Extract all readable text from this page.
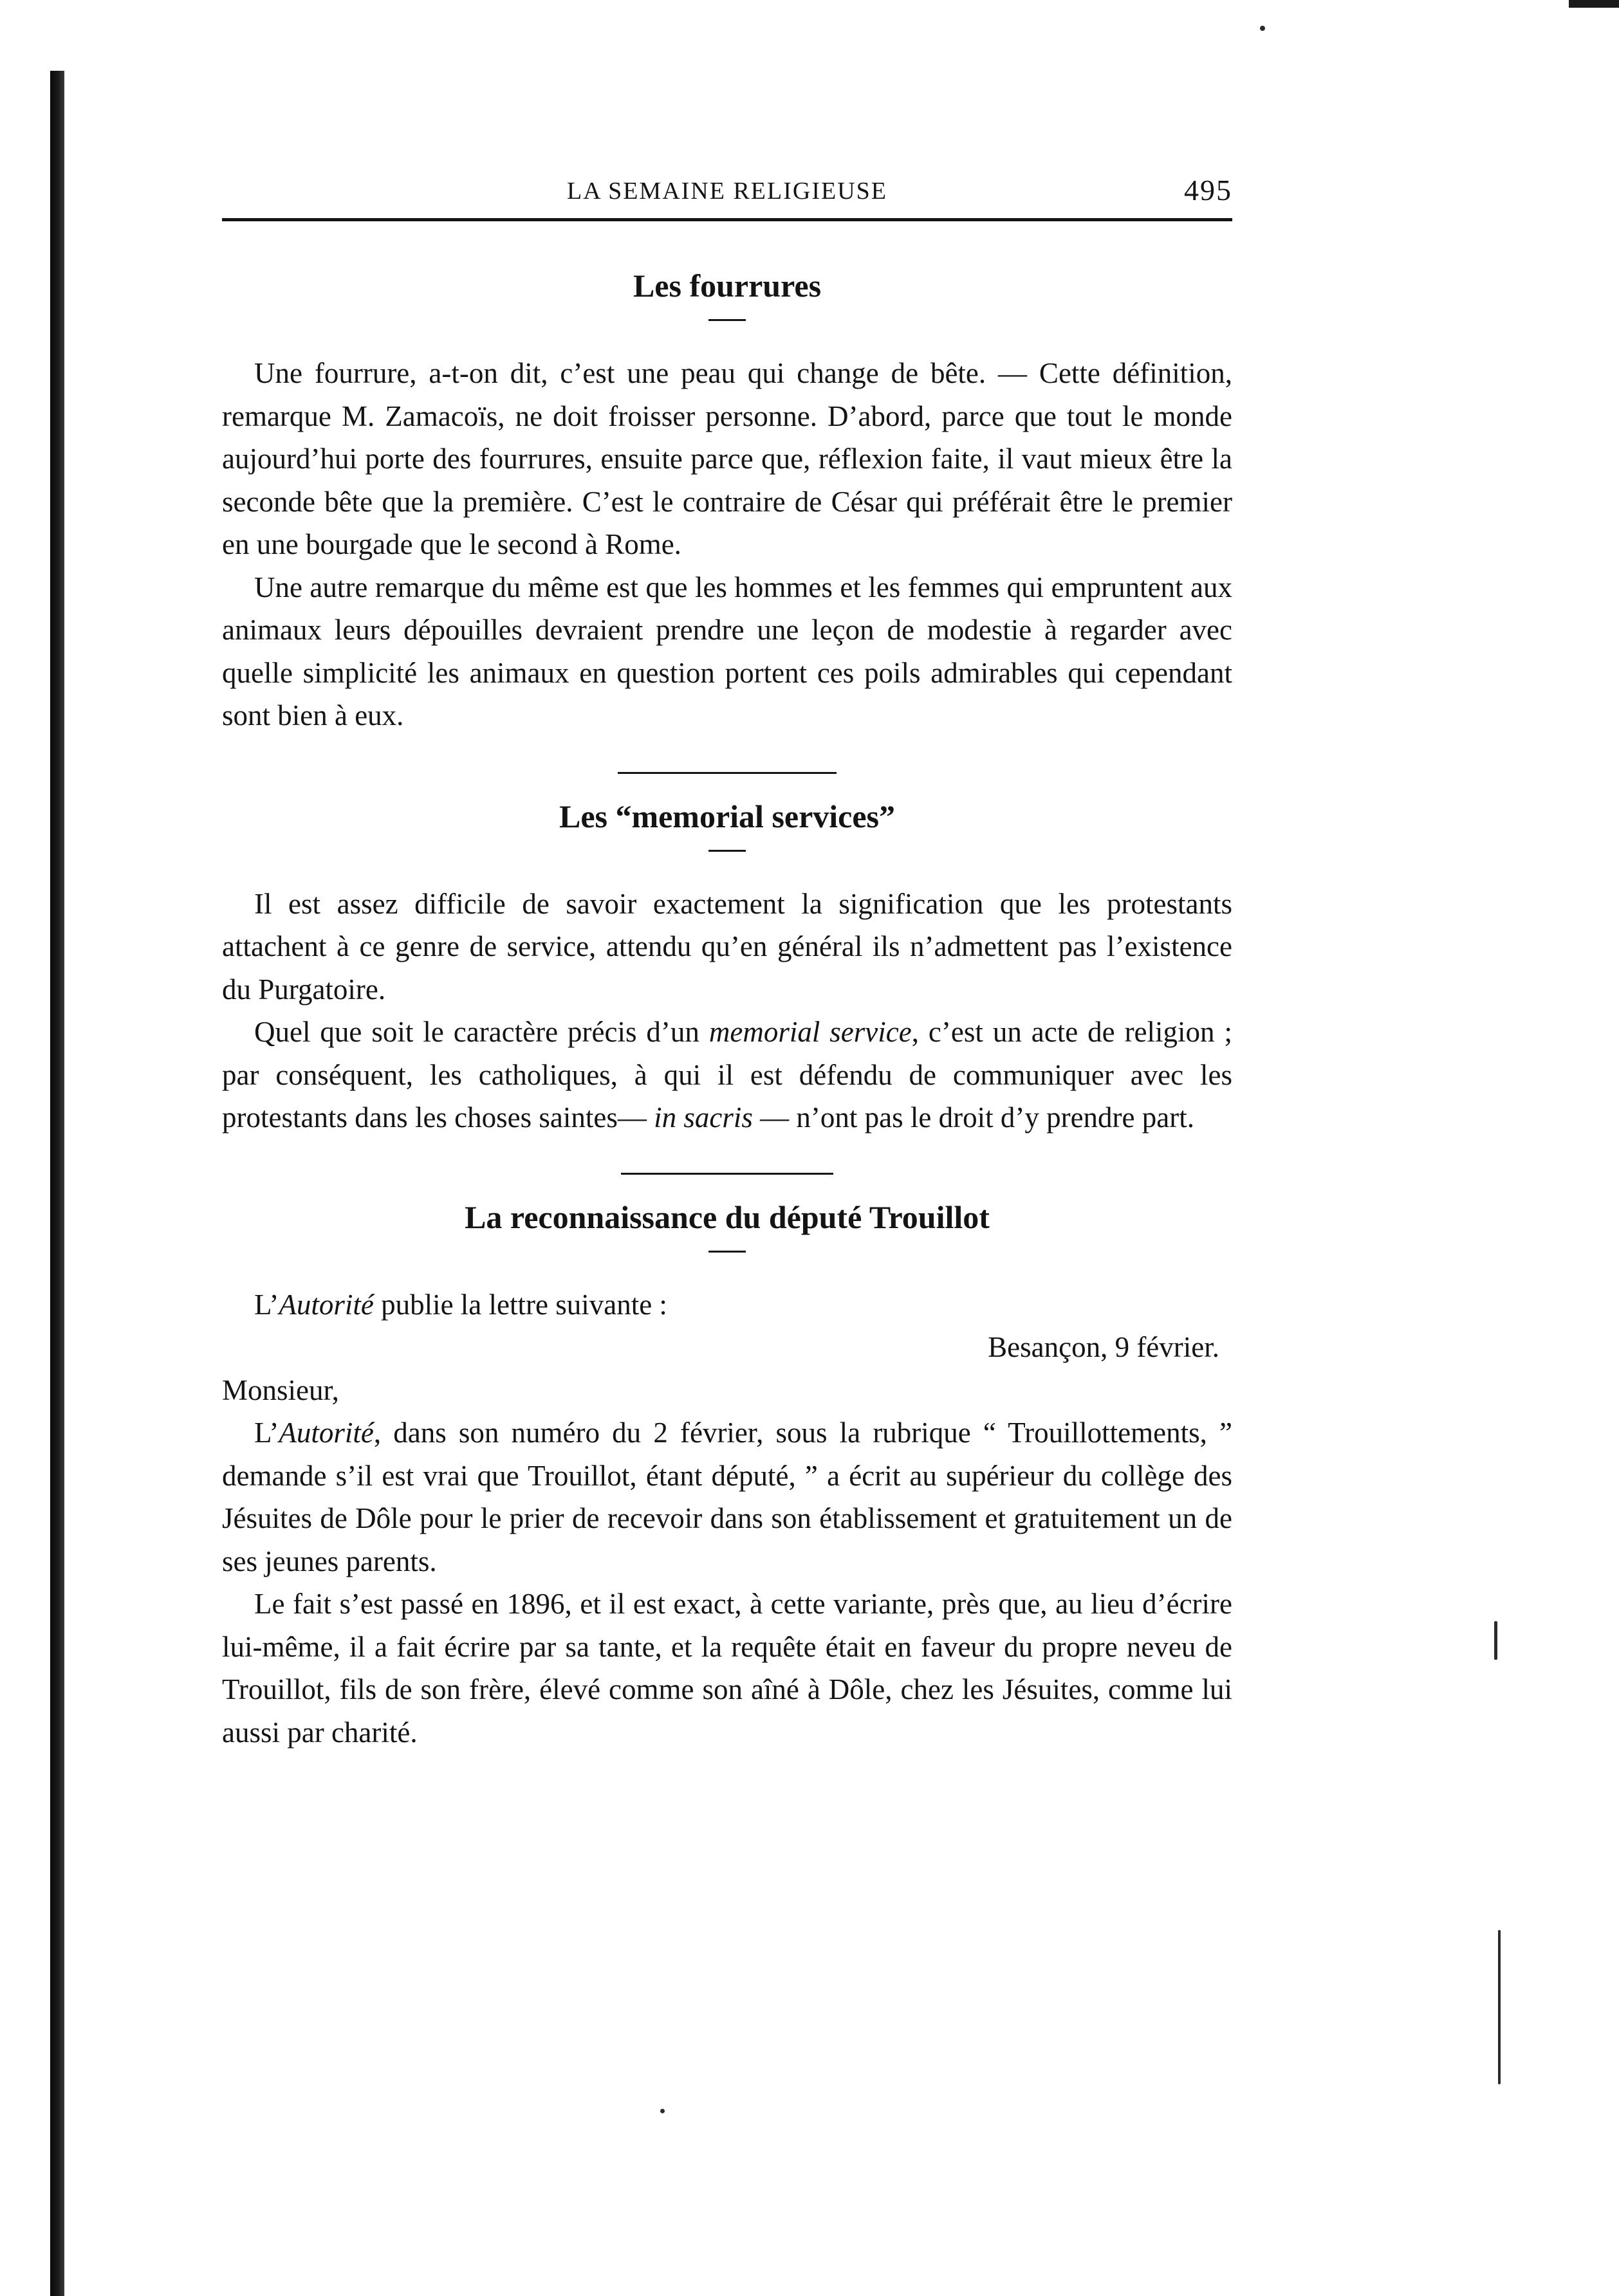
LA SEMAINE RELIGIEUSE	495
Les fourrures

Une fourrure, a-t-on dit, c’est une peau qui change de bête. — Cette définition, remarque M. Zamacoïs, ne doit froisser personne. D’abord, parce que tout le monde aujourd’hui porte des fourrures, ensuite parce que, réflexion faite, il vaut mieux être la seconde bête que la première. C’est le contraire de César qui préférait être le premier en une bourgade que le second à Rome.

Une autre remarque du même est que les hommes et les femmes qui empruntent aux animaux leurs dépouilles devraient prendre une leçon de modestie à regarder avec quelle simplicité les animaux en question portent ces poils admirables qui cependant sont bien à eux.

Les “memorial services”

Il est assez difficile de savoir exactement la signification que les protestants attachent à ce genre de service, attendu qu’en général ils n’admettent pas l’existence du Purgatoire.

Quel que soit le caractère précis d’un memorial service, c’est un acte de religion ; par conséquent, les catholiques, à qui il est défendu de communiquer avec les protestants dans les choses saintes— in sacris — n’ont pas le droit d’y prendre part.

La reconnaissance du député Trouillot

L’Autorité publie la lettre suivante :

Besançon, 9 février.

Monsieur,

L’Autorité, dans son numéro du 2 février, sous la rubrique “ Trouillottements, ” demande s’il est vrai que Trouillot, étant député, ” a écrit au supérieur du collège des Jésuites de Dôle pour le prier de recevoir dans son établissement et gratuitement un de ses jeunes parents.

Le fait s’est passé en 1896, et il est exact, à cette variante, près que, au lieu d’écrire lui-même, il a fait écrire par sa tante, et la requête était en faveur du propre neveu de Trouillot, fils de son frère, élevé comme son aîné à Dôle, chez les Jésuites, comme lui aussi par charité.
